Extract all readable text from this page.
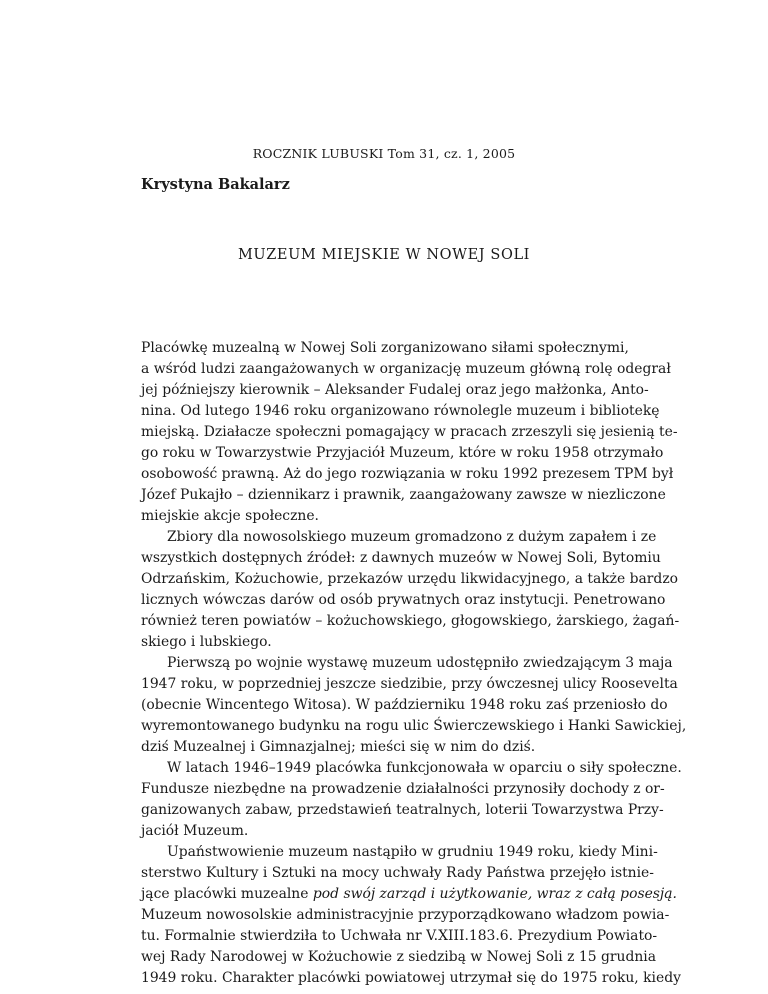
ROCZNIK LUBUSKI Tom 31, cz. 1, 2005
Krystyna Bakalarz
MUZEUM MIEJSKIE W NOWEJ SOLI
Placówkę muzealną w Nowej Soli zorganizowano siłami społecznymi,
a wśród ludzi zaangażowanych w organizację muzeum główną rolę odegrał
jej późniejszy kierownik – Aleksander Fudalej oraz jego małżonka, Anto-
nina. Od lutego 1946 roku organizowano równolegle muzeum i bibliotekę
miejską. Działacze społeczni pomagający w pracach zrzeszyli się jesienią te-
go roku w Towarzystwie Przyjaciół Muzeum, które w roku 1958 otrzymało
osobowość prawną. Aż do jego rozwiązania w roku 1992 prezesem TPM był
Józef Pukajło – dziennikarz i prawnik, zaangażowany zawsze w niezliczone
miejskie akcje społeczne.
Zbiory dla nowosolskiego muzeum gromadzono z dużym zapałem i ze
wszystkich dostępnych źródeł: z dawnych muzeów w Nowej Soli, Bytomiu
Odrzańskim, Kożuchowie, przekazów urzędu likwidacyjnego, a także bardzo
licznych wówczas darów od osób prywatnych oraz instytucji. Penetrowano
również teren powiatów – kożuchowskiego, głogowskiego, żarskiego, żagań-
skiego i lubskiego.
Pierwszą po wojnie wystawę muzeum udostępniło zwiedzającym 3 maja
1947 roku, w poprzedniej jeszcze siedzibie, przy ówczesnej ulicy Roosevelta
(obecnie Wincentego Witosa). W październiku 1948 roku zaś przeniosło do
wyremontowanego budynku na rogu ulic Świerczewskiego i Hanki Sawickiej,
dziś Muzealnej i Gimnazjalnej; mieści się w nim do dziś.
W latach 1946–1949 placówka funkcjonowała w oparciu o siły społeczne.
Fundusze niezbędne na prowadzenie działalności przynosiły dochody z or-
ganizowanych zabaw, przedstawień teatralnych, loterii Towarzystwa Przy-
jaciół Muzeum.
Upaństwowienie muzeum nastąpiło w grudniu 1949 roku, kiedy Mini-
sterstwo Kultury i Sztuki na mocy uchwały Rady Państwa przejęło istnie-
jące placówki muzealne pod swój zarząd i użytkowanie, wraz z całą posesją.
Muzeum nowosolskie administracyjnie przyporządkowano władzom powia-
tu. Formalnie stwierdziła to Uchwała nr V.XIII.183.6. Prezydium Powiato-
wej Rady Narodowej w Kożuchowie z siedzibą w Nowej Soli z 15 grudnia
1949 roku. Charakter placówki powiatowej utrzymał się do 1975 roku, kiedy
